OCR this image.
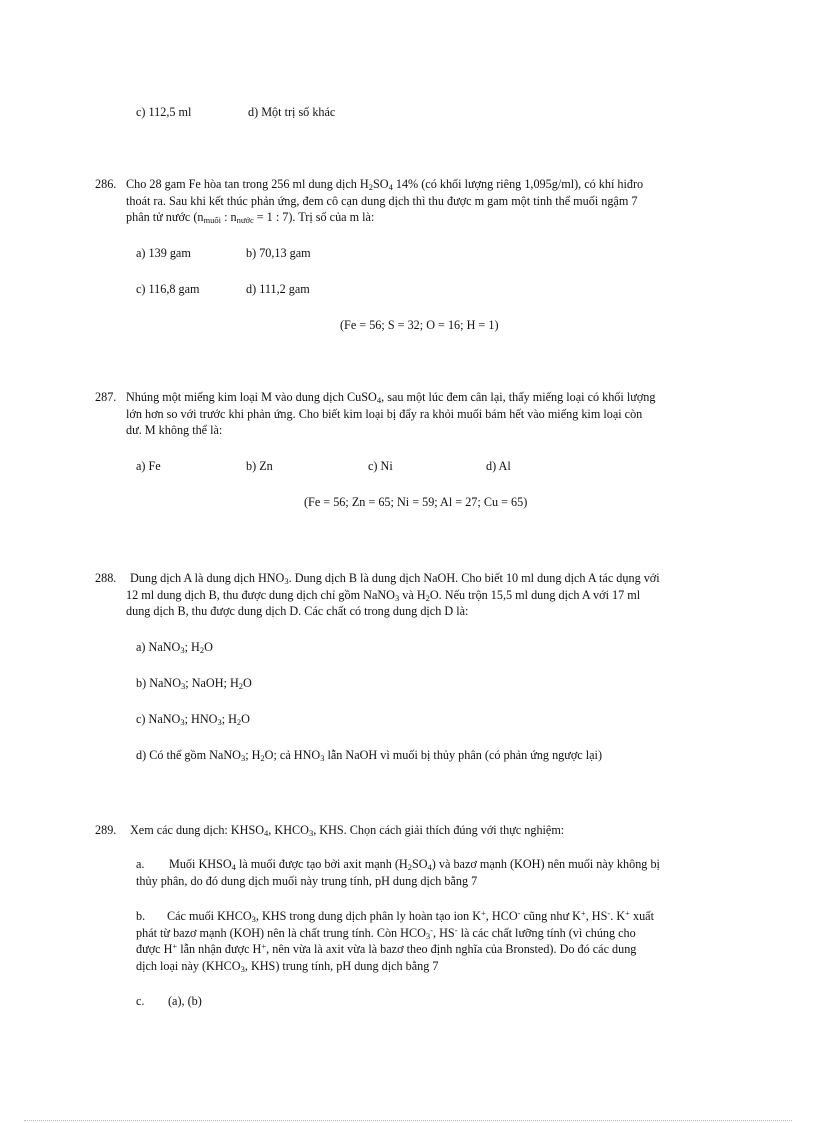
c) 112,5 ml	d) Một trị số khác
286. Cho 28 gam Fe hòa tan trong 256 ml dung dịch $H_2SO_4$ 14% (có khối lượng riêng 1,095g/ml), có khí hiđro
thoát ra. Sau khi kết thúc phản ứng, đem cô cạn dung dịch thì thu được m gam một tinh thể muối ngậm 7
phân tử nước ($n_{muối}$ : $n_{nước} = 1$ : 7). Trị số của m là:
a) 139 gam	b) 70,13 gam
c) 116,8 gam	d) 111,2 gam
(Fe = 56; S = 32; O = 16; H = 1)
287. Nhúng một miếng kim loại M vào dung dịch CuSO$_4$, sau một lúc đem cân lại, thấy miếng loại có khối lượng
lớn hơn so với trước khi phản ứng. Cho biết kim loại bị đẩy ra khỏi muối bám hết vào miếng kim loại còn
dư. M không thể là:
a) Fe	b) Zn	c) Ni	d) Al
(Fe = 56; Zn = 65; Ni = 59; Al = 27; Cu = 65)
288. Dung dịch A là dung dịch $HNO_3$. Dung dịch B là dung dịch NaOH. Cho biết 10 ml dung dịch A tác dụng với
12 ml dung dịch B, thu được dung dịch chỉ gồm NaNO$_3$ và $H_2O$. Nếu trộn 15,5 ml dung dịch A với 17 ml
dung dịch B, thu được dung dịch D. Các chất có trong dung dịch D là:
a) NaNO$_3$; $H_2O$
b) NaNO$_3$; NaOH; $H_2O$
c) NaNO$_3$; $HNO_3$; $H_2O$
d) Có thể gồm NaNO$_3$; $H_2O$; cả $HNO_3$ lẫn NaOH vì muối bị thủy phân (có phản ứng ngược lại)
289. Xem các dung dịch: $KHSO_4$, $KHCO_3$, KHS. Chọn cách giải thích đúng với thực nghiệm:
a.	Muối $KHSO_4$ là muối được tạo bởi axit mạnh $(H_2SO_4)$ và bazơ mạnh (KOH) nên muối này không bị
thủy phân, do đó dung dịch muối này trung tính, pH dung dịch bằng 7
b.	Các muối $KHCO_3$, KHS trong dung dịch phân ly hoàn tạo ion K+, HCO- cũng như K+, HS-. K+ xuất
phát từ bazơ mạnh (KOH) nên là chất trung tính. Còn $HCO_3^-$, HS- là các chất lưỡng tính (vì chúng cho
được H+ lẫn nhận được H+, nên vừa là axit vừa là bazơ theo định nghĩa của Bronsted). Do đó các dung
dịch loại này ($KHCO_3$, KHS) trung tính, pH dung dịch bằng 7
c. (a), (b)
